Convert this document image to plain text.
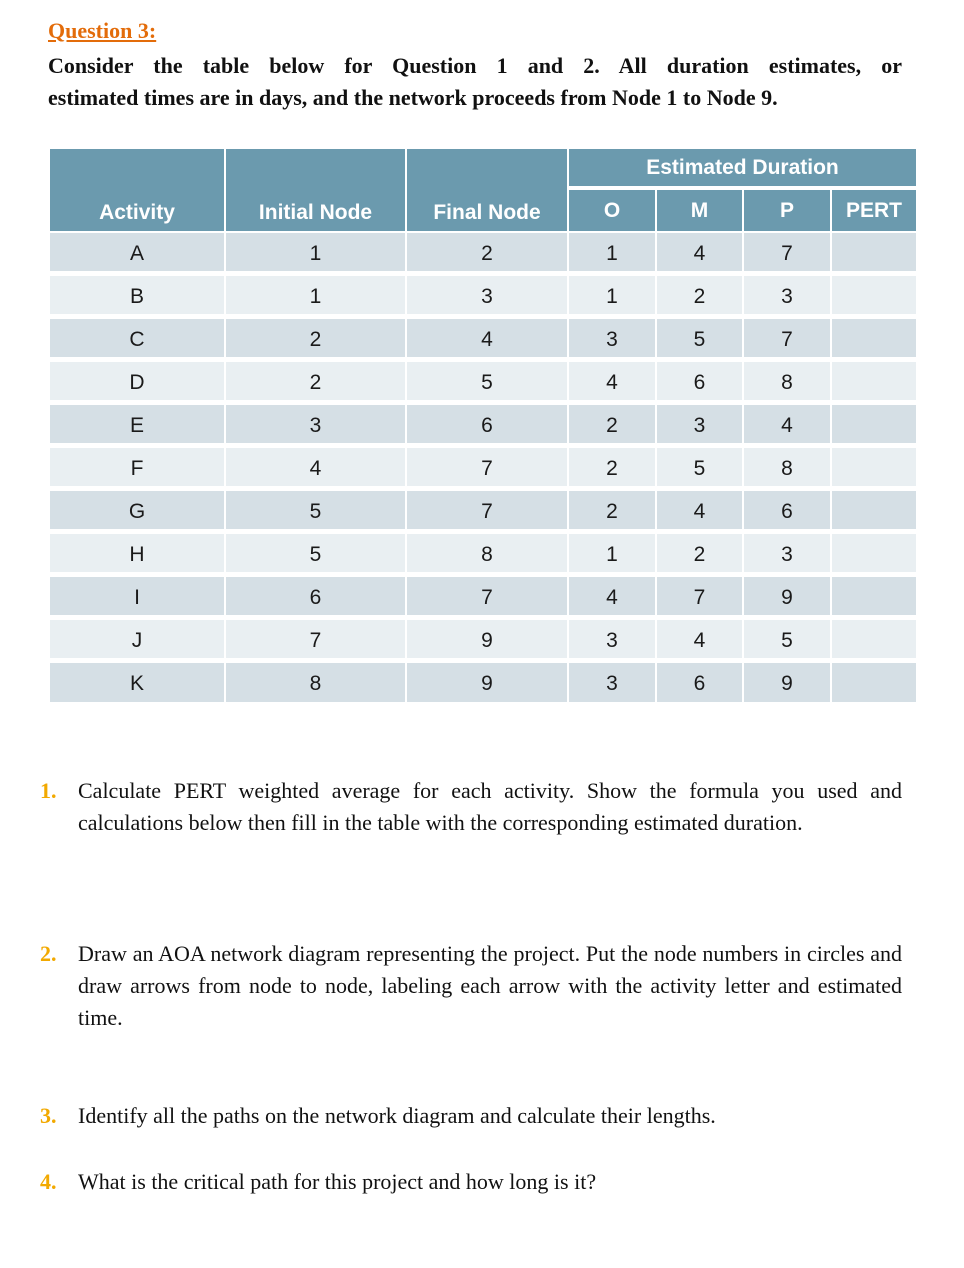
Question 3:
Consider the table below for Question 1 and 2. All duration estimates, or
estimated times are in days, and the network proceeds from Node 1 to Node 9.
Activity	Initial Node	Final Node	Estimated Duration			
			O	M	P	PERT
A	1	2	1	4	7	
B	1	3	1	2	3	
C	2	4	3	5	7	
D	2	5	4	6	8	
E	3	6	2	3	4	
F	4	7	2	5	8	
G	5	7	2	4	6	
H	5	8	1	2	3	
I	6	7	4	7	9	
J	7	9	3	4	5	
K	8	9	3	6	9	
1. Calculate PERT weighted average for each activity. Show the formula you used and calculations below then fill in the table with the corresponding estimated duration.
2. Draw an AOA network diagram representing the project. Put the node numbers in circles and draw arrows from node to node, labeling each arrow with the activity letter and estimated time.
3. Identify all the paths on the network diagram and calculate their lengths.
4. What is the critical path for this project and how long is it?
